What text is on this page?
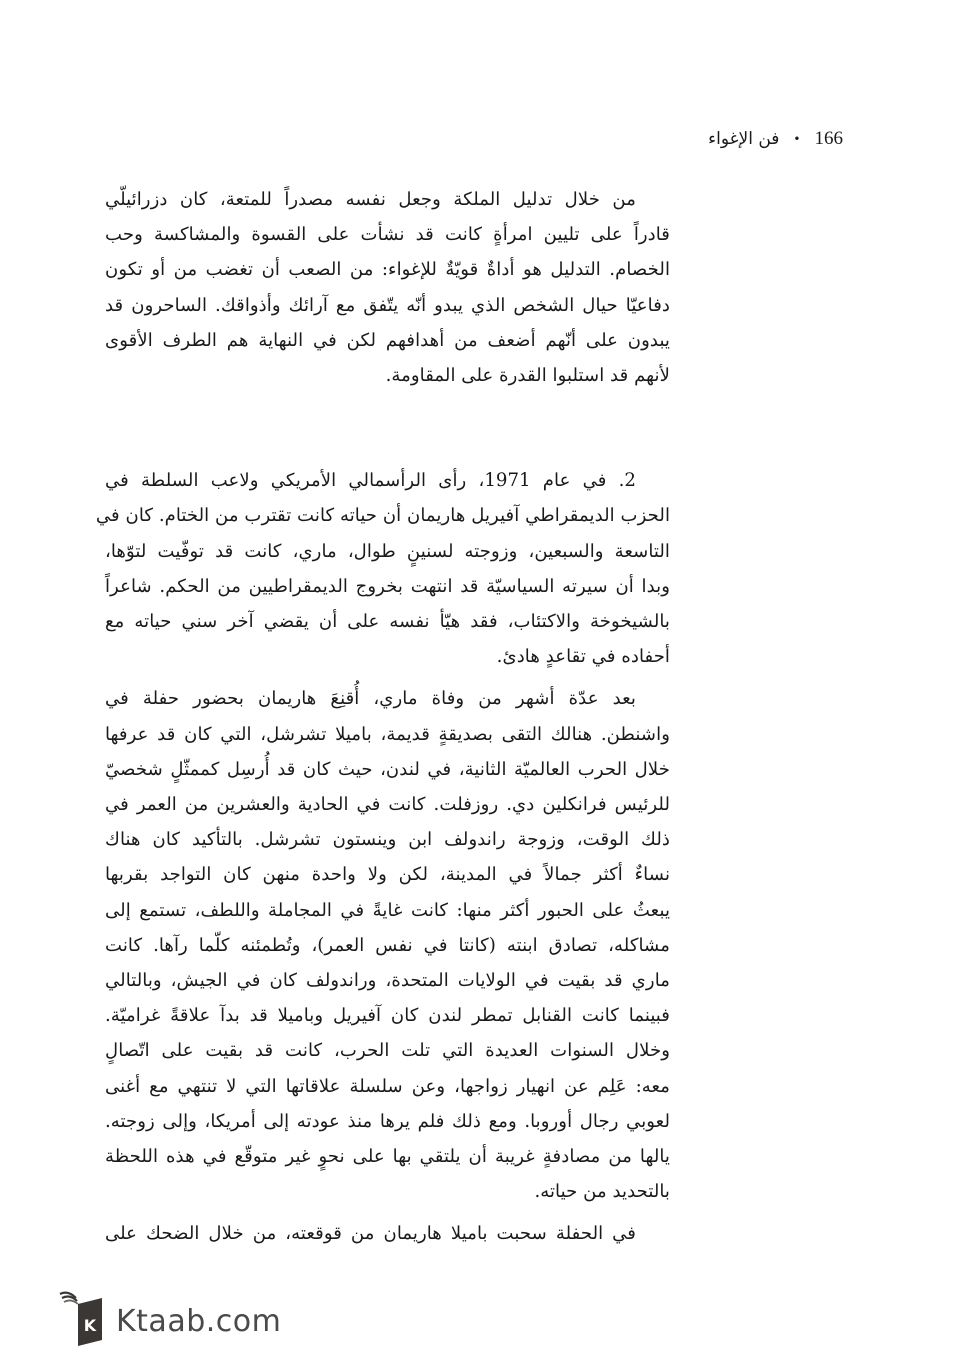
166
•
فن الإغواء

من خلال تدليل الملكة وجعل نفسه مصدراً للمتعة، كان دزرائيلّي
قادراً على تليين امرأةٍ كانت قد نشأت على القسوة والمشاكسة وحب
الخصام. التدليل هو أداةٌ قويّةٌ للإغواء: من الصعب أن تغضب من أو تكون
دفاعيّا حيال الشخص الذي يبدو أنّه يتّفق مع آرائك وأذواقك. الساحرون قد
يبدون على أنّهم أضعف من أهدافهم لكن في النهاية هم الطرف الأقوى
لأنهم قد استلبوا القدرة على المقاومة.

2. في عام 1971، رأى الرأسمالي الأمريكي ولاعب السلطة في
الحزب الديمقراطي آفيريل هاريمان أن حياته كانت تقترب من الختام. كان في
التاسعة والسبعين، وزوجته لسنينٍ طوال، ماري، كانت قد توفّيت لتوّها،
وبدا أن سيرته السياسيّة قد انتهت بخروج الديمقراطيين من الحكم. شاعراً
بالشيخوخة والاكتئاب، فقد هيّأ نفسه على أن يقضي آخر سني حياته مع
أحفاده في تقاعدٍ هادئ.

بعد عدّة أشهر من وفاة ماري، أُقنِعَ هاريمان بحضور حفلة في
واشنطن. هنالك التقى بصديقةٍ قديمة، باميلا تشرشل، التي كان قد عرفها
خلال الحرب العالميّة الثانية، في لندن، حيث كان قد أُرسِل كممثّلٍ شخصيّ
للرئيس فرانكلين دي. روزفلت. كانت في الحادية والعشرين من العمر في
ذلك الوقت، وزوجة راندولف ابن وينستون تشرشل. بالتأكيد كان هناك
نساءٌ أكثر جمالاً في المدينة، لكن ولا واحدة منهن كان التواجد بقربها
يبعثُ على الحبور أكثر منها: كانت غايةً في المجاملة واللطف، تستمع إلى
مشاكله، تصادق ابنته (كانتا في نفس العمر)، وتُطمئنه كلّما رآها. كانت
ماري قد بقيت في الولايات المتحدة، وراندولف كان في الجيش، وبالتالي
فبينما كانت القنابل تمطر لندن كان آفيريل وباميلا قد بدآ علاقةً غراميّة.
وخلال السنوات العديدة التي تلت الحرب، كانت قد بقيت على اتّصالٍ
معه: عَلِم عن انهيار زواجها، وعن سلسلة علاقاتها التي لا تنتهي مع أغنى
لعوبي رجال أوروبا. ومع ذلك فلم يرها منذ عودته إلى أمريكا، وإلى زوجته.
يالها من مصادفةٍ غريبة أن يلتقي بها على نحوٍ غير متوقّع في هذه اللحظة
بالتحديد من حياته.

في الحفلة سحبت باميلا هاريمان من قوقعته، من خلال الضحك على

K Ktaab.com
